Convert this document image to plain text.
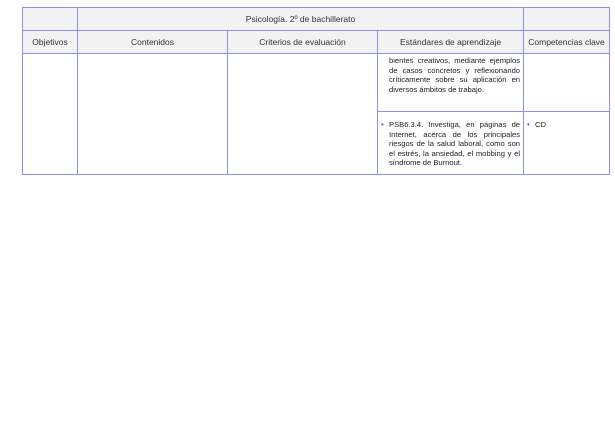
	Psicología. 2º de bachillerato			
Objetivos	Contenidos	Criterios de evaluación	Estándares de aprendizaje	Competencias clave

			bientes creativos, mediante ejemplos de casos concretos y reflexionando críticamente sobre su aplicación en diversos ámbitos de trabajo.	

			• PSB6.3.4. Investiga, en páginas de Internet, acerca de los principales riesgos de la salud laboral, como son el estrés, la ansiedad, el mobbing y el síndrome de Burnout.	• CD
